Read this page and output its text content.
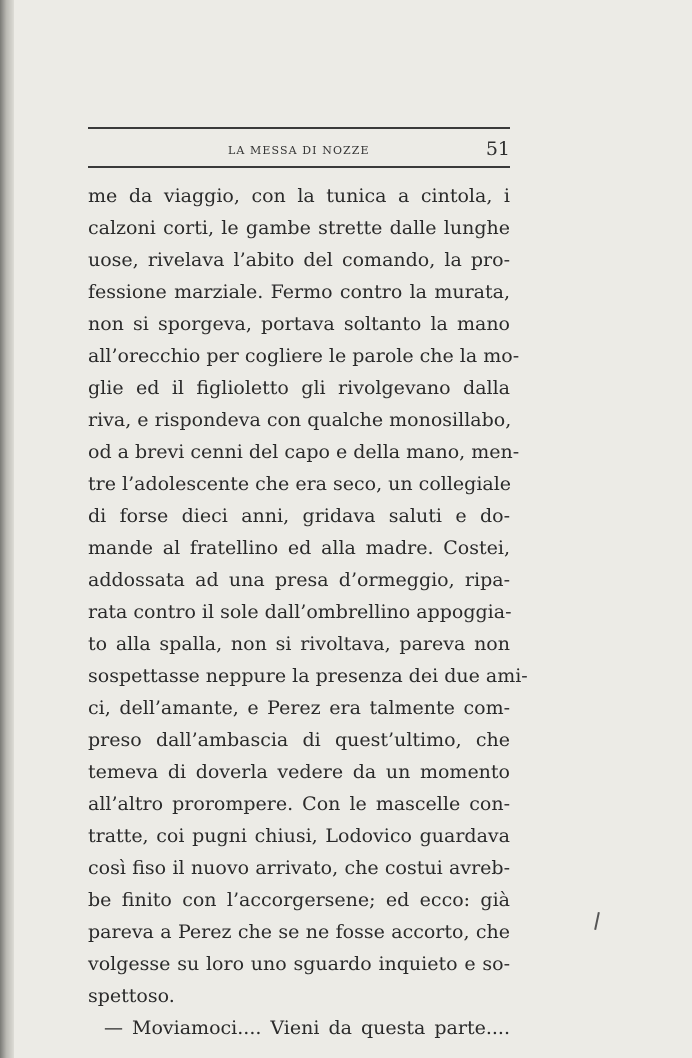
LA MESSA DI NOZZE	51
me da viaggio, con la tunica a cintola, i
calzoni corti, le gambe strette dalle lunghe
uose, rivelava l’abito del comando, la pro-
fessione marziale. Fermo contro la murata,
non si sporgeva, portava soltanto la mano
all’orecchio per cogliere le parole che la mo-
glie ed il figlioletto gli rivolgevano dalla
riva, e rispondeva con qualche monosillabo,
od a brevi cenni del capo e della mano, men-
tre l’adolescente che era seco, un collegiale
di forse dieci anni, gridava saluti e do-
mande al fratellino ed alla madre. Costei,
addossata ad una presa d’ormeggio, ripa-
rata contro il sole dall’ombrellino appoggia-
to alla spalla, non si rivoltava, pareva non
sospettasse neppure la presenza dei due ami-
ci, dell’amante, e Perez era talmente com-
preso dall’ambascia di quest’ultimo, che
temeva di doverla vedere da un momento
all’altro prorompere. Con le mascelle con-
tratte, coi pugni chiusi, Lodovico guardava
così fiso il nuovo arrivato, che costui avreb-
be finito con l’accorgersene; ed ecco: già
pareva a Perez che se ne fosse accorto, che
volgesse su loro uno sguardo inquieto e so-
spettoso.
— Moviamoci.... Vieni da questa parte....
